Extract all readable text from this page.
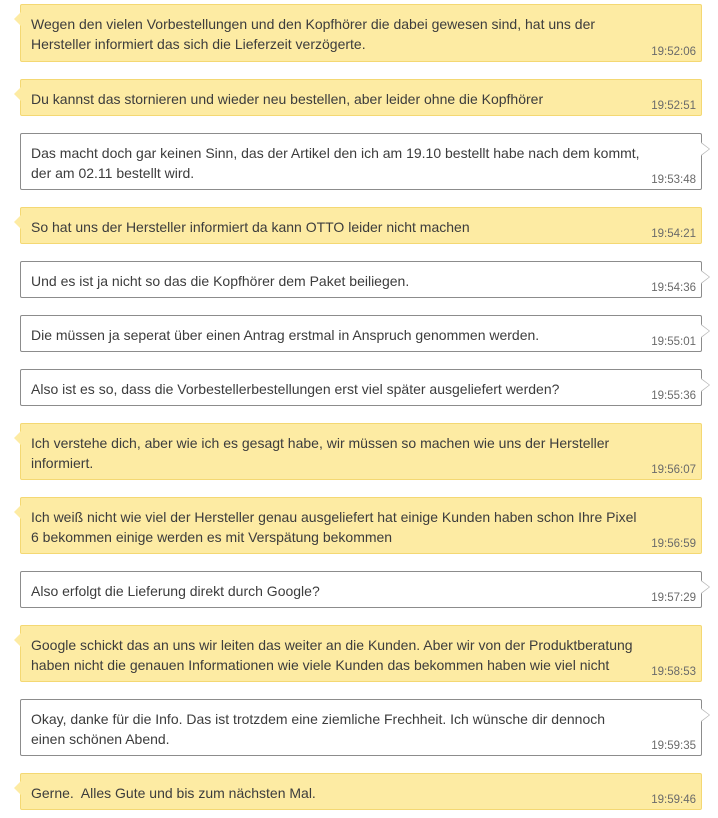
Wegen den vielen Vorbestellungen und den Kopfhörer die dabei gewesen sind, hat uns der Hersteller informiert das sich die Lieferzeit verzögerte.	19:52:06
Du kannst das stornieren und wieder neu bestellen, aber leider ohne die Kopfhörer	19:52:51
Das macht doch gar keinen Sinn, das der Artikel den ich am 19.10 bestellt habe nach dem kommt, der am 02.11 bestellt wird.	19:53:48
So hat uns der Hersteller informiert da kann OTTO leider nicht machen	19:54:21
Und es ist ja nicht so das die Kopfhörer dem Paket beiliegen.	19:54:36
Die müssen ja seperat über einen Antrag erstmal in Anspruch genommen werden.	19:55:01
Also ist es so, dass die Vorbestellerbestellungen erst viel später ausgeliefert werden?	19:55:36
Ich verstehe dich, aber wie ich es gesagt habe, wir müssen so machen wie uns der Hersteller informiert.	19:56:07
Ich weiß nicht wie viel der Hersteller genau ausgeliefert hat einige Kunden haben schon Ihre Pixel 6 bekommen einige werden es mit Verspätung bekommen	19:56:59
Also erfolgt die Lieferung direkt durch Google?	19:57:29
Google schickt das an uns wir leiten das weiter an die Kunden. Aber wir von der Produktberatung haben nicht die genauen Informationen wie viele Kunden das bekommen haben wie viel nicht	19:58:53
Okay, danke für die Info. Das ist trotzdem eine ziemliche Frechheit. Ich wünsche dir dennoch einen schönen Abend.	19:59:35
Gerne.  Alles Gute und bis zum nächsten Mal.	19:59:46
